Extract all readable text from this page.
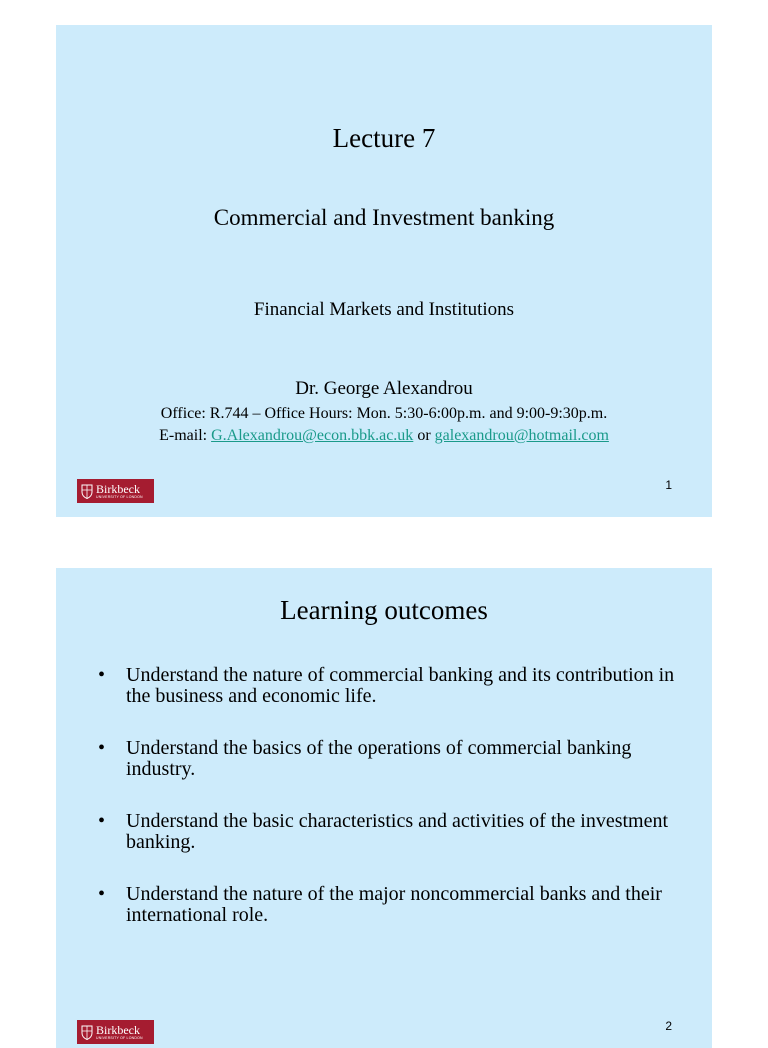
Lecture 7
Commercial and Investment banking
Financial Markets and Institutions
Dr. George Alexandrou
Office: R.744 – Office Hours: Mon. 5:30-6:00p.m. and 9:00-9:30p.m.
E-mail: G.Alexandrou@econ.bbk.ac.uk or galexandrou@hotmail.com
Birkbeck
UNIVERSITY OF LONDON
1
Learning outcomes
• Understand the nature of commercial banking and its contribution in the business and economic life.
• Understand the basics of the operations of commercial banking industry.
• Understand the basic characteristics and activities of the investment banking.
• Understand the nature of the major noncommercial banks and their international role.
Birkbeck
UNIVERSITY OF LONDON
2
